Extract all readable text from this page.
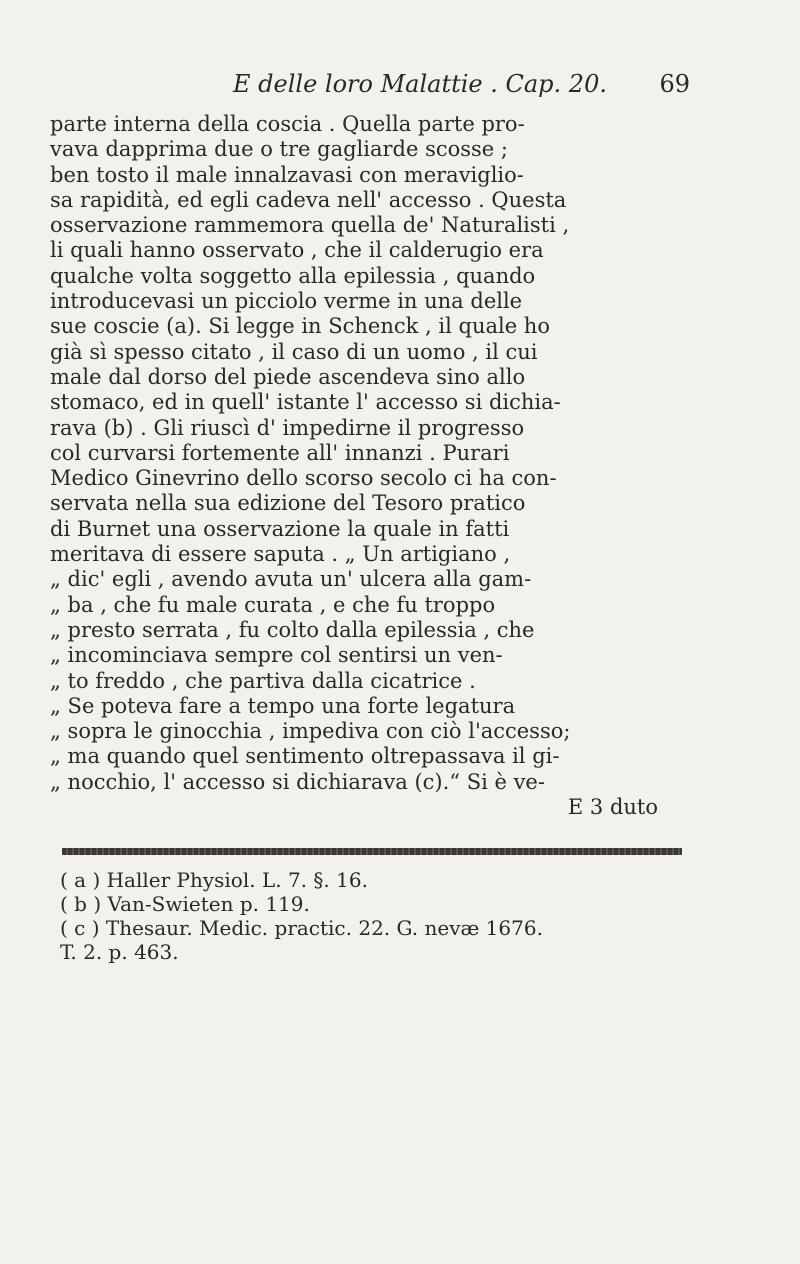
E delle loro Malattie . Cap. 20. 69
parte interna della coscia . Quella parte pro-
vava dapprima due o tre gagliarde scosse ;
ben tosto il male innalzavasi con meraviglio-
sa rapidità, ed egli cadeva nell' accesso . Questa
osservazione rammemora quella de' Naturalisti ,
li quali hanno osservato , che il calderugio era
qualche volta soggetto alla epilessia , quando
introducevasi un picciolo verme in una delle
sue coscie (a). Si legge in Schenck , il quale ho
già sì spesso citato , il caso di un uomo , il cui
male dal dorso del piede ascendeva sino allo
stomaco, ed in quell' istante l' accesso si dichia-
rava (b) . Gli riuscì d' impedirne il progresso
col curvarsi fortemente all' innanzi . Purari
Medico Ginevrino dello scorso secolo ci ha con-
servata nella sua edizione del Tesoro pratico
di Burnet una osservazione la quale in fatti
meritava di essere saputa . „ Un artigiano ,
„ dic' egli , avendo avuta un' ulcera alla gam-
„ ba , che fu male curata , e che fu troppo
„ presto serrata , fu colto dalla epilessia , che
„ incominciava sempre col sentirsi un ven-
„ to freddo , che partiva dalla cicatrice .
„ Se poteva fare a tempo una forte legatura
„ sopra le ginocchia , impediva con ciò l'accesso;
„ ma quando quel sentimento oltrepassava il gi-
„ nocchio, l' accesso si dichiarava (c).“ Si è ve-
E 3 duto
( a ) Haller Physiol. L. 7. §. 16.
( b ) Van-Swieten p. 119.
( c ) Thesaur. Medic. practic. 22. G. nevæ 1676.
T. 2. p. 463.
